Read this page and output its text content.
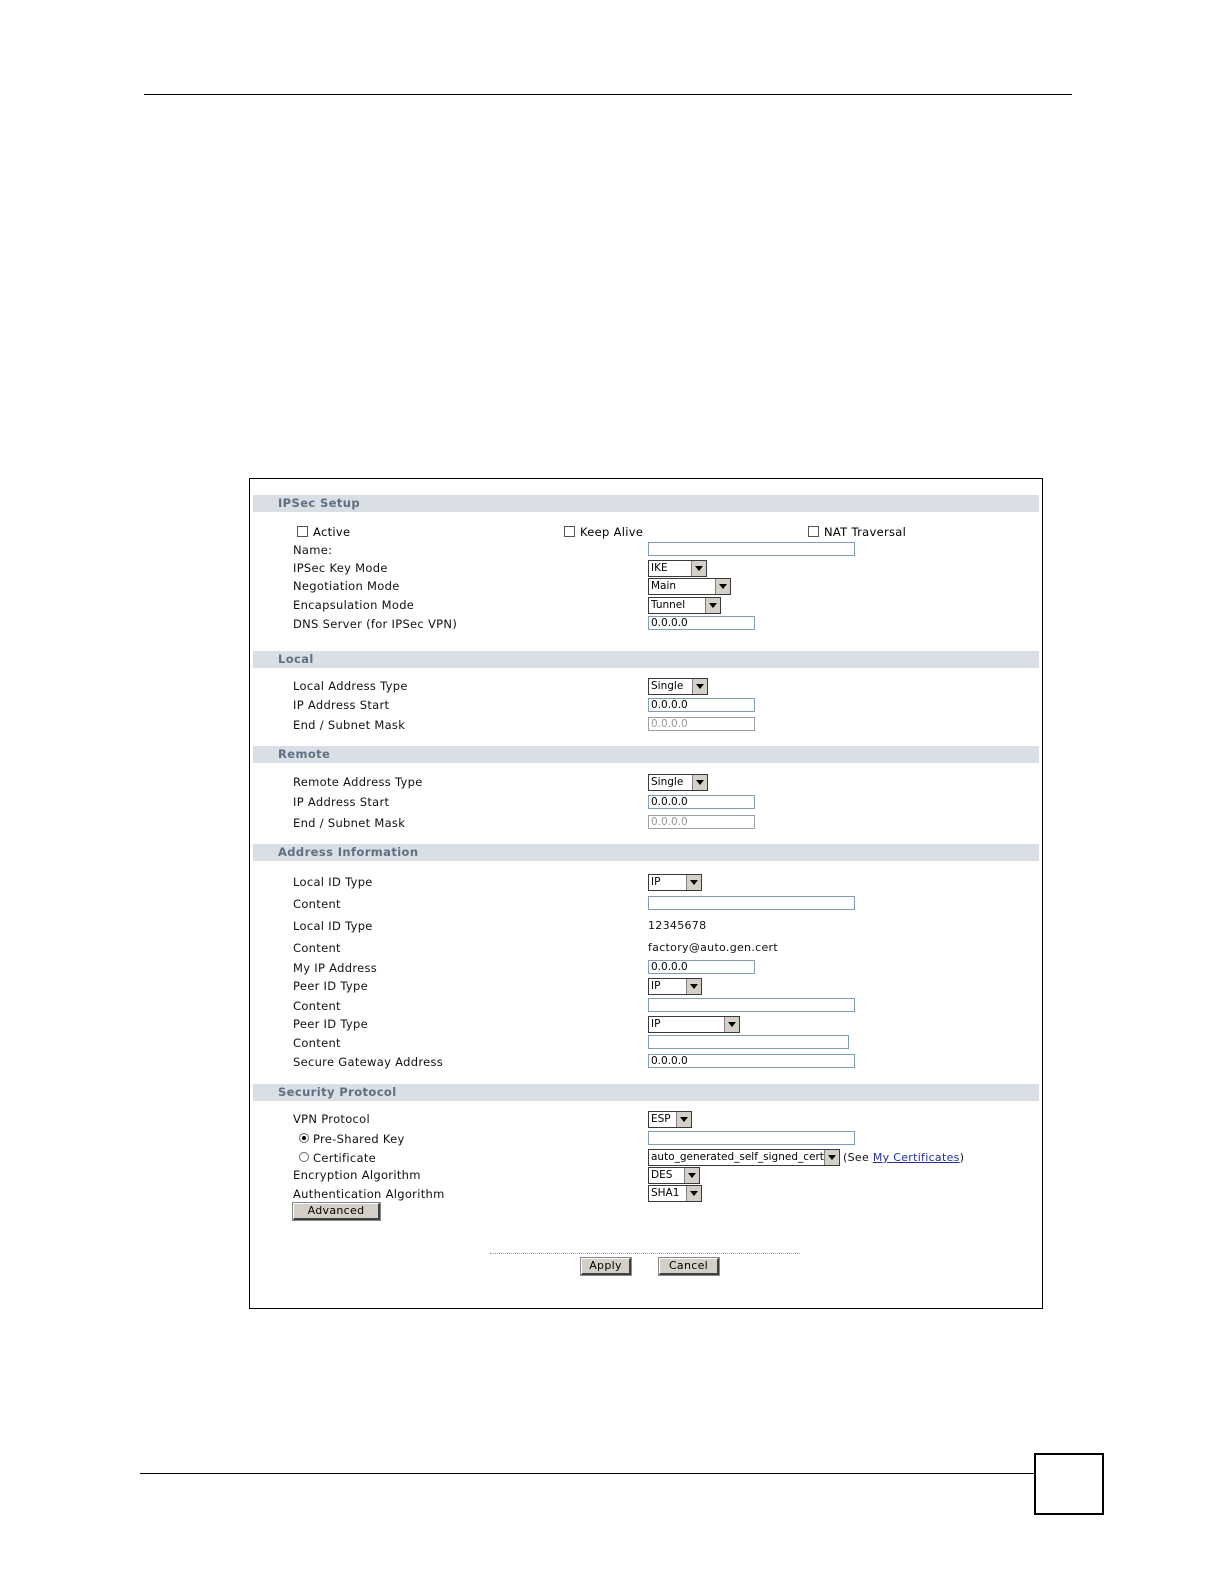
IPSec Setup
Active	Keep Alive	NAT Traversal
Name:
IPSec Key Mode	IKE
Negotiation Mode	Main
Encapsulation Mode	Tunnel
DNS Server (for IPSec VPN)	0.0.0.0
Local
Local Address Type	Single
IP Address Start	0.0.0.0
End / Subnet Mask	0.0.0.0
Remote
Remote Address Type	Single
IP Address Start	0.0.0.0
End / Subnet Mask	0.0.0.0
Address Information
Local ID Type	IP
Content
Local ID Type	12345678
Content	factory@auto.gen.cert
My IP Address	0.0.0.0
Peer ID Type	IP
Content
Peer ID Type	IP
Content
Secure Gateway Address	0.0.0.0
Security Protocol
VPN Protocol	ESP
Pre-Shared Key
Certificate	auto_generated_self_signed_cert	(See My Certificates)
Encryption Algorithm	DES
Authentication Algorithm	SHA1
Advanced
Apply	Cancel
